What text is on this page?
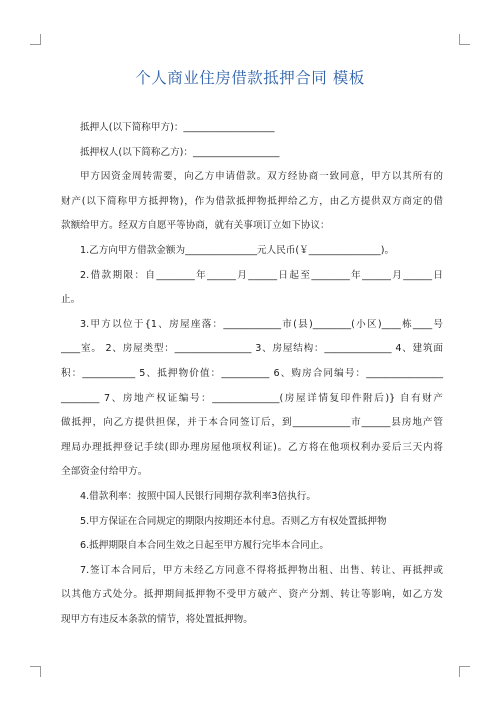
个人商业住房借款抵押合同 模板
抵押人(以下简称甲方)：___________________
抵押权人(以下简称乙方)：__________________
甲方因资金周转需要，向乙方申请借款。双方经协商一致同意，甲方以其所有的
财产(以下简称甲方抵押物)，作为借款抵押物抵押给乙方，由乙方提供双方商定的借
款额给甲方。经双方自愿平等协商，就有关事项订立如下协议：
1.乙方向甲方借款金额为_______________元人民币(￥_______________)。
2.借款期限：自________年______月______日起至________年______月______日
止。
3.甲方以位于{1、房屋座落：____________市(县)________(小区)____栋____号
____室。 2、房屋类型：________________ 3、房屋结构：______________ 4、建筑面
积：___________ 5、抵押物价值：__________ 6、购房合同编号：________________
________ 7、房地产权证编号：______________(房屋详情复印件附后)} 自有财产
做抵押，向乙方提供担保，并于本合同签订后，到____________市______县房地产管
理局办理抵押登记手续(即办理房屋他项权利证)。乙方将在他项权利办妥后三天内将
全部资金付给甲方。
4.借款利率：按照中国人民银行同期存款利率3倍执行。
5.甲方保证在合同规定的期限内按期还本付息。否则乙方有权处置抵押物
6.抵押期限自本合同生效之日起至甲方履行完毕本合同止。
7.签订本合同后，甲方未经乙方同意不得将抵押物出租、出售、转让、再抵押或
以其他方式处分。抵押期间抵押物不受甲方破产、资产分割、转让等影响，如乙方发
现甲方有违反本条款的情节，将处置抵押物。
